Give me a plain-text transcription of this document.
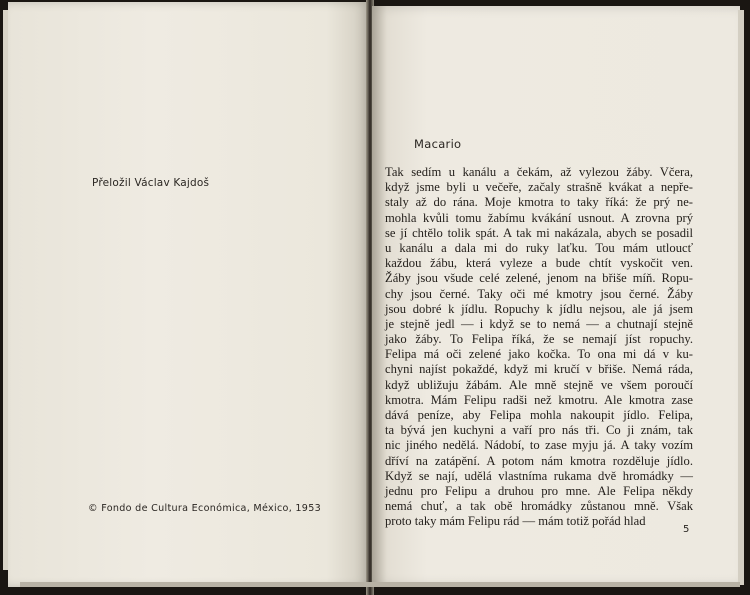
Přeložil Václav Kajdoš
© Fondo de Cultura Económica, México, 1953
Macario
Tak sedím u kanálu a čekám, až vylezou žáby. Včera,
když jsme byli u večeře, začaly strašně kvákat a nepře-
staly až do rána. Moje kmotra to taky říká: že prý ne-
mohla kvůli tomu žabímu kvákání usnout. A zrovna prý
se jí chtělo tolik spát. A tak mi nakázala, abych se posadil
u kanálu a dala mi do ruky laťku. Tou mám utloucť
každou žábu, která vyleze a bude chtít vyskočit ven.
Žáby jsou všude celé zelené, jenom na břiše míň. Ropu-
chy jsou černé. Taky oči mé kmotry jsou černé. Žáby
jsou dobré k jídlu. Ropuchy k jídlu nejsou, ale já jsem
je stejně jedl — i když se to nemá — a chutnají stejně
jako žáby. To Felipa říká, že se nemají jíst ropuchy.
Felipa má oči zelené jako kočka. To ona mi dá v ku-
chyni najíst pokaždé, když mi kručí v břiše. Nemá ráda,
když ubližuju žábám. Ale mně stejně ve všem poroučí
kmotra. Mám Felipu radši než kmotru. Ale kmotra zase
dává peníze, aby Felipa mohla nakoupit jídlo. Felipa,
ta bývá jen kuchyni a vaří pro nás tři. Co ji znám, tak
nic jiného nedělá. Nádobí, to zase myju já. A taky vozím
dříví na zatápění. A potom nám kmotra rozděluje jídlo.
Když se nají, udělá vlastníma rukama dvě hromádky —
jednu pro Felipu a druhou pro mne. Ale Felipa někdy
nemá chuť, a tak obě hromádky zůstanou mně. Však
proto taky mám Felipu rád — mám totiž pořád hlad
5
